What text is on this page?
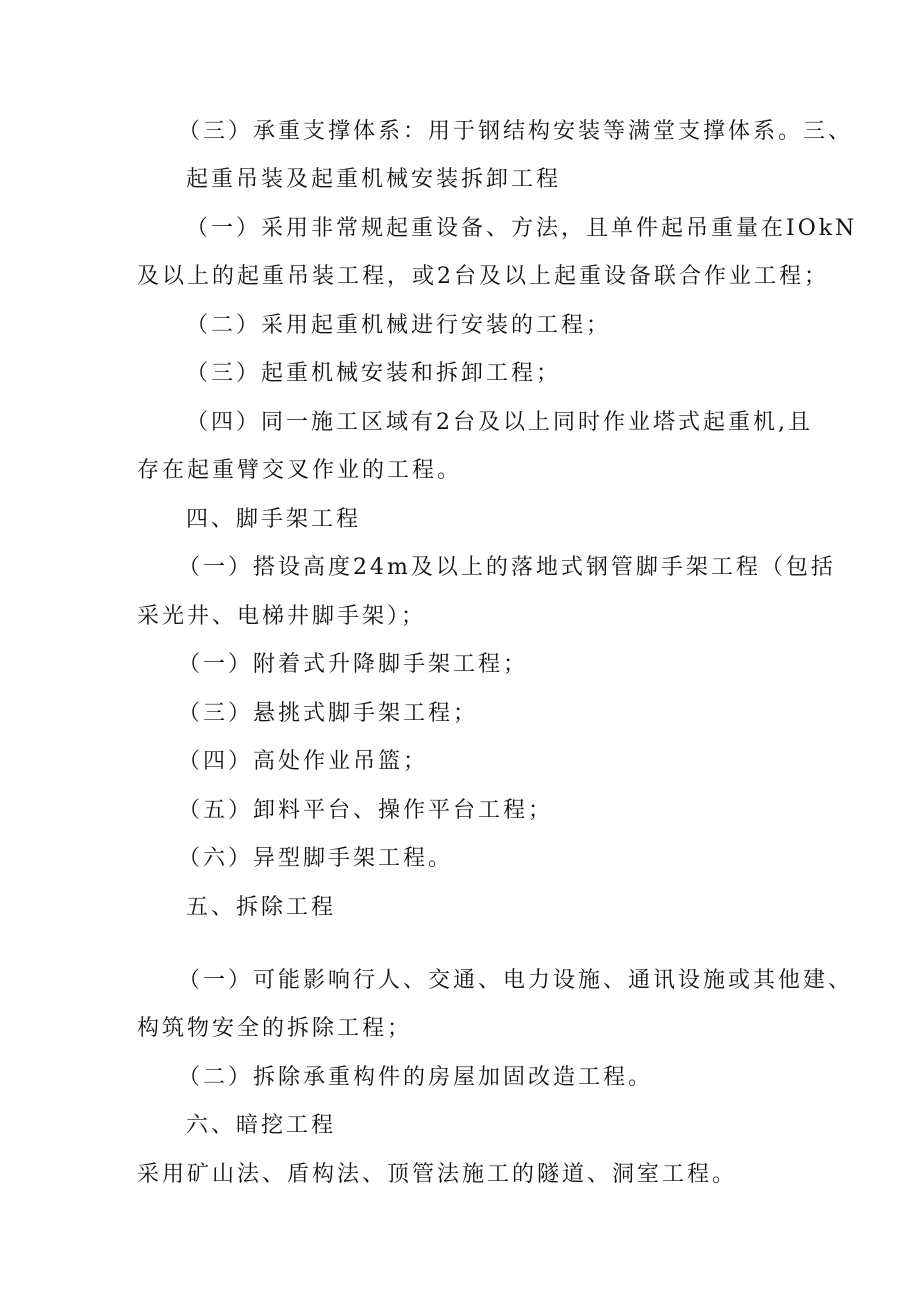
（三）承重支撑体系：用于钢结构安装等满堂支撑体系。三、
起重吊装及起重机械安装拆卸工程
（一）采用非常规起重设备、方法，且单件起吊重量在IOkN
及以上的起重吊装工程，或2台及以上起重设备联合作业工程；
（二）采用起重机械进行安装的工程；
（三）起重机械安装和拆卸工程；
（四）同一施工区域有2台及以上同时作业塔式起重机,且
存在起重臂交叉作业的工程。
四、脚手架工程
（一）搭设高度24m及以上的落地式钢管脚手架工程（包括
采光井、电梯井脚手架）；
（一）附着式升降脚手架工程；
（三）悬挑式脚手架工程；
（四）高处作业吊篮；
（五）卸料平台、操作平台工程；
（六）异型脚手架工程。
五、拆除工程
（一）可能影响行人、交通、电力设施、通讯设施或其他建、
构筑物安全的拆除工程；
（二）拆除承重构件的房屋加固改造工程。
六、暗挖工程
采用矿山法、盾构法、顶管法施工的隧道、洞室工程。
